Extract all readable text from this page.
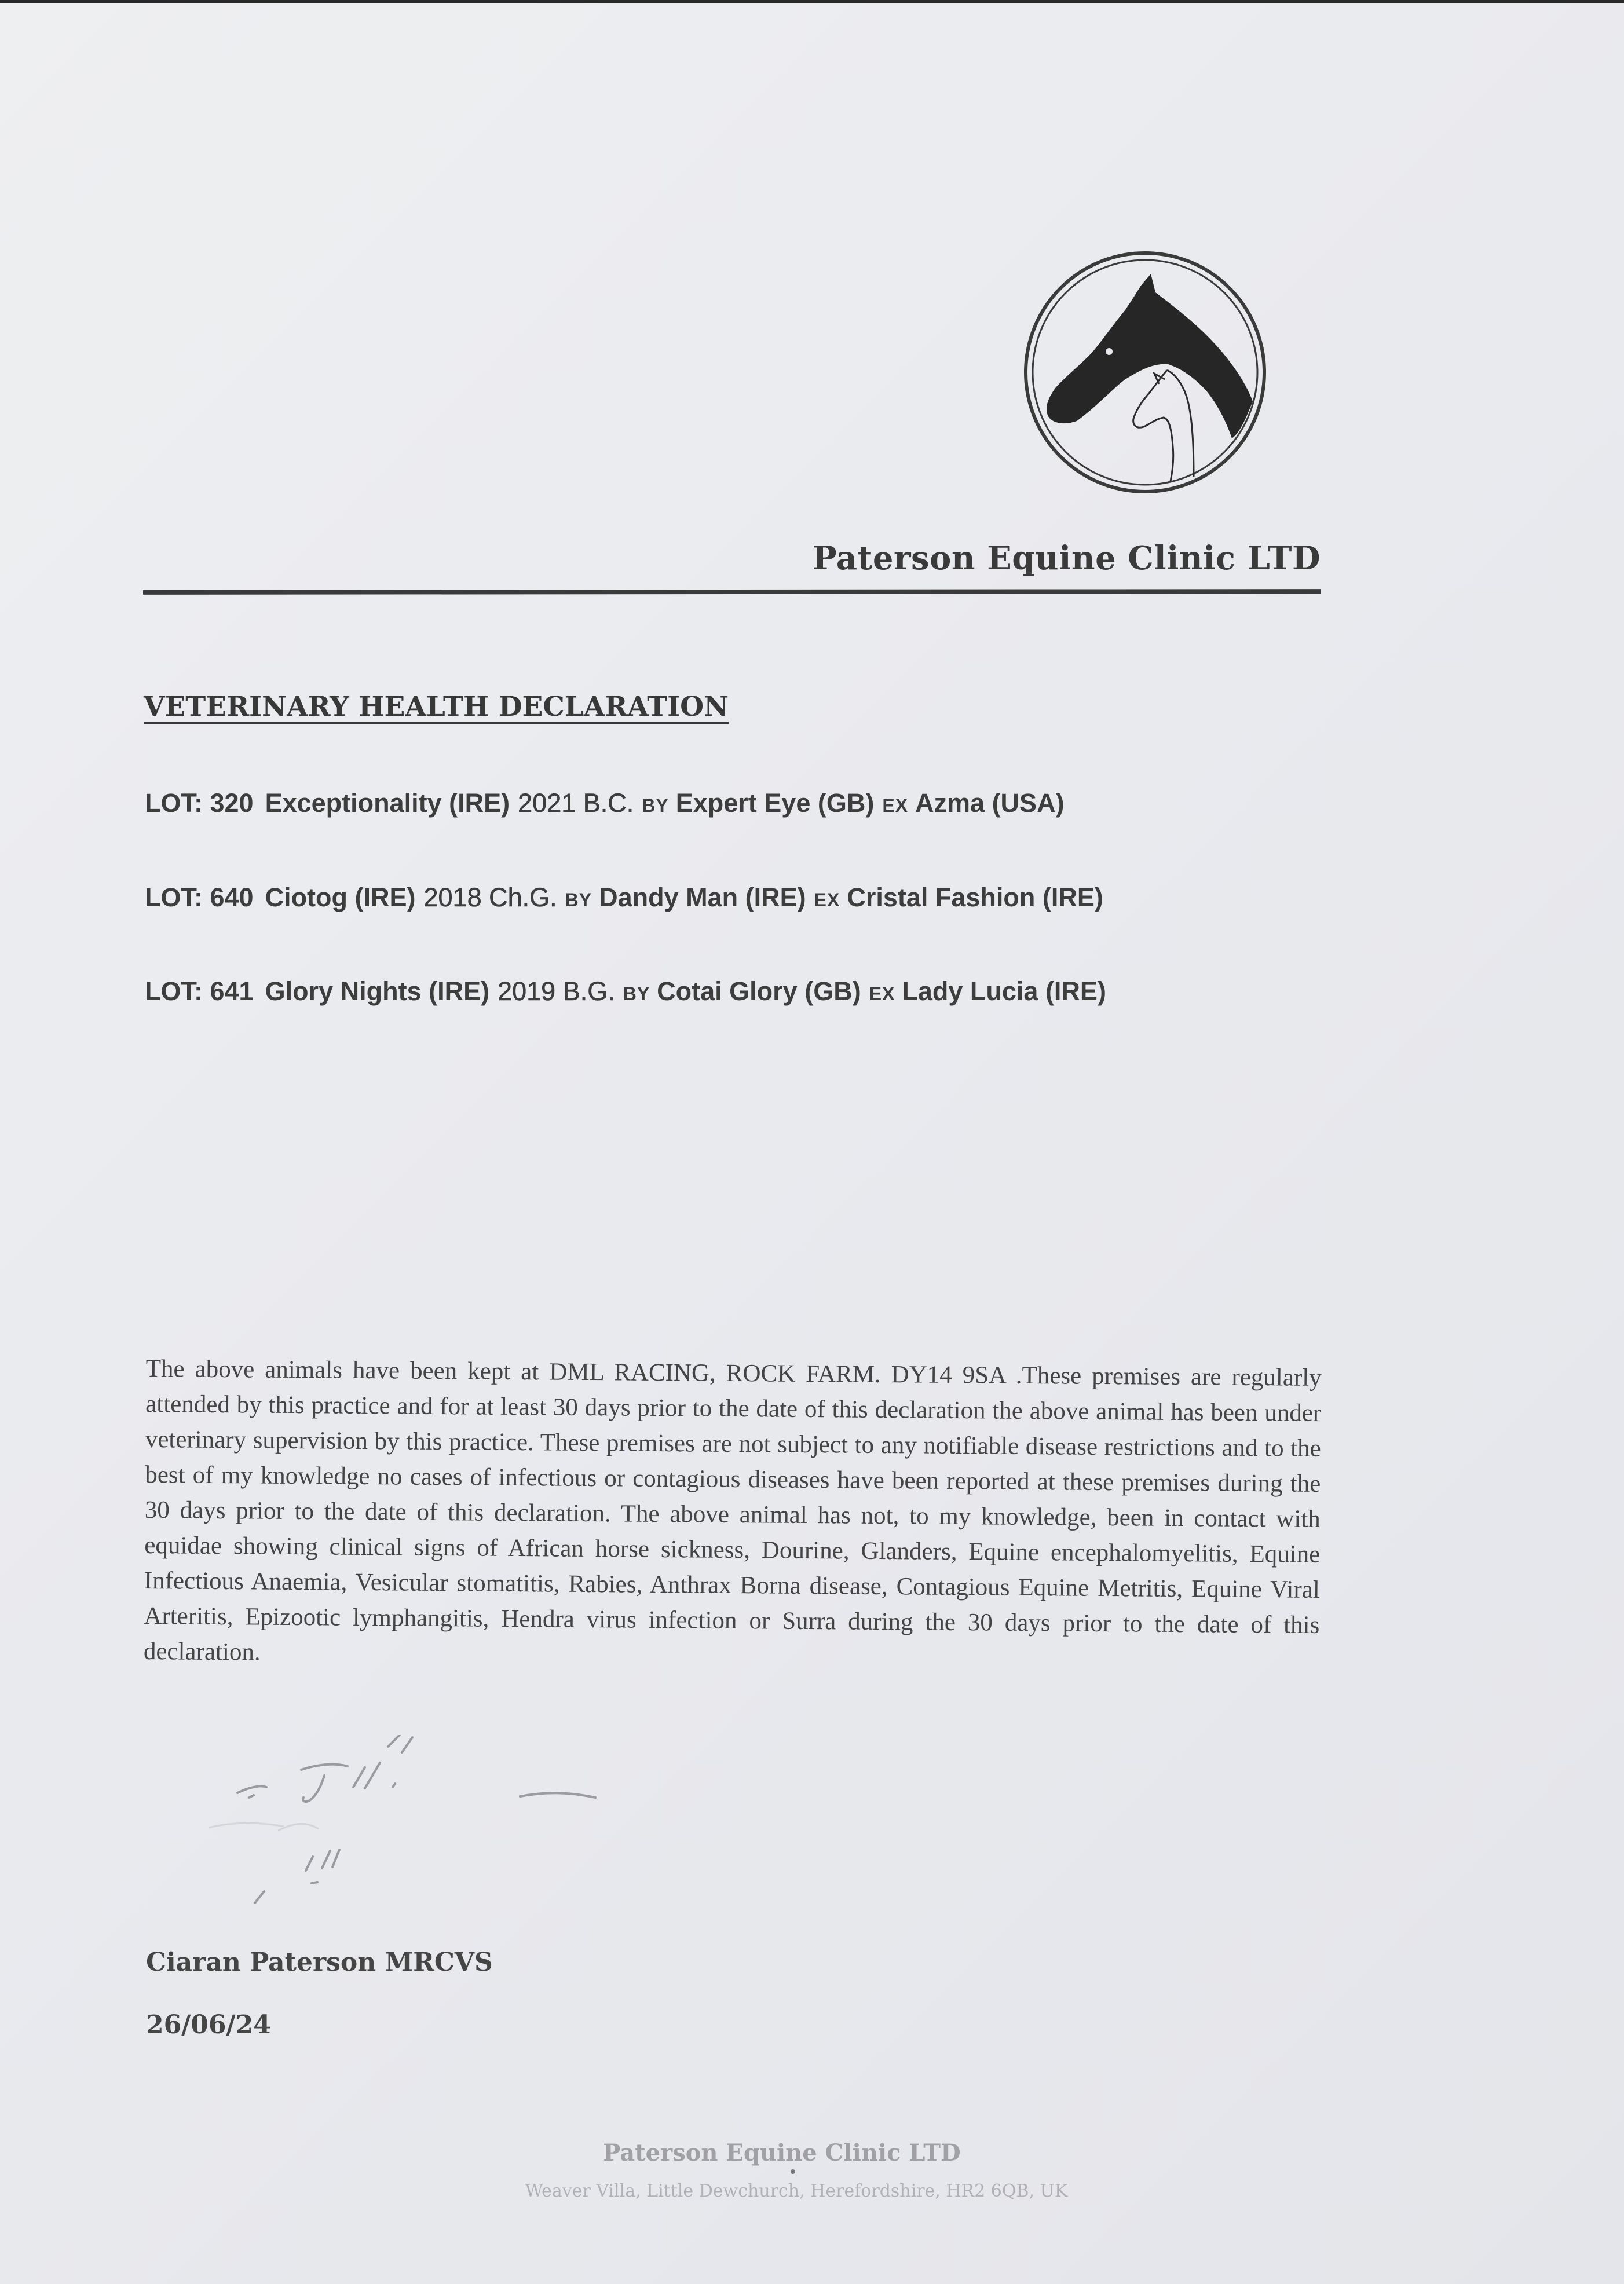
Paterson Equine Clinic LTD
VETERINARY HEALTH DECLARATION
LOT: 320 Exceptionality (IRE) 2021 B.C. BY Expert Eye (GB) EX Azma (USA)
LOT: 640 Ciotog (IRE) 2018 Ch.G. BY Dandy Man (IRE) EX Cristal Fashion (IRE)
LOT: 641 Glory Nights (IRE) 2019 B.G. BY Cotai Glory (GB) EX Lady Lucia (IRE)
The above animals have been kept at DML RACING, ROCK FARM. DY14 9SA .These premises are regularly attended by this practice and for at least 30 days prior to the date of this declaration the above animal has been under veterinary supervision by this practice. These premises are not subject to any notifiable disease restrictions and to the best of my knowledge no cases of infectious or contagious diseases have been reported at these premises during the 30 days prior to the date of this declaration. The above animal has not, to my knowledge, been in contact with equidae showing clinical signs of African horse sickness, Dourine, Glanders, Equine encephalomyelitis, Equine Infectious Anaemia, Vesicular stomatitis, Rabies, Anthrax Borna disease, Contagious Equine Metritis, Equine Viral Arteritis, Epizootic lymphangitis, Hendra virus infection or Surra during the 30 days prior to the date of this declaration.
Ciaran Paterson MRCVS
26/06/24
Paterson Equine Clinic LTD
Weaver Villa, Little Dewchurch, Herefordshire, HR2 6QB, UK
